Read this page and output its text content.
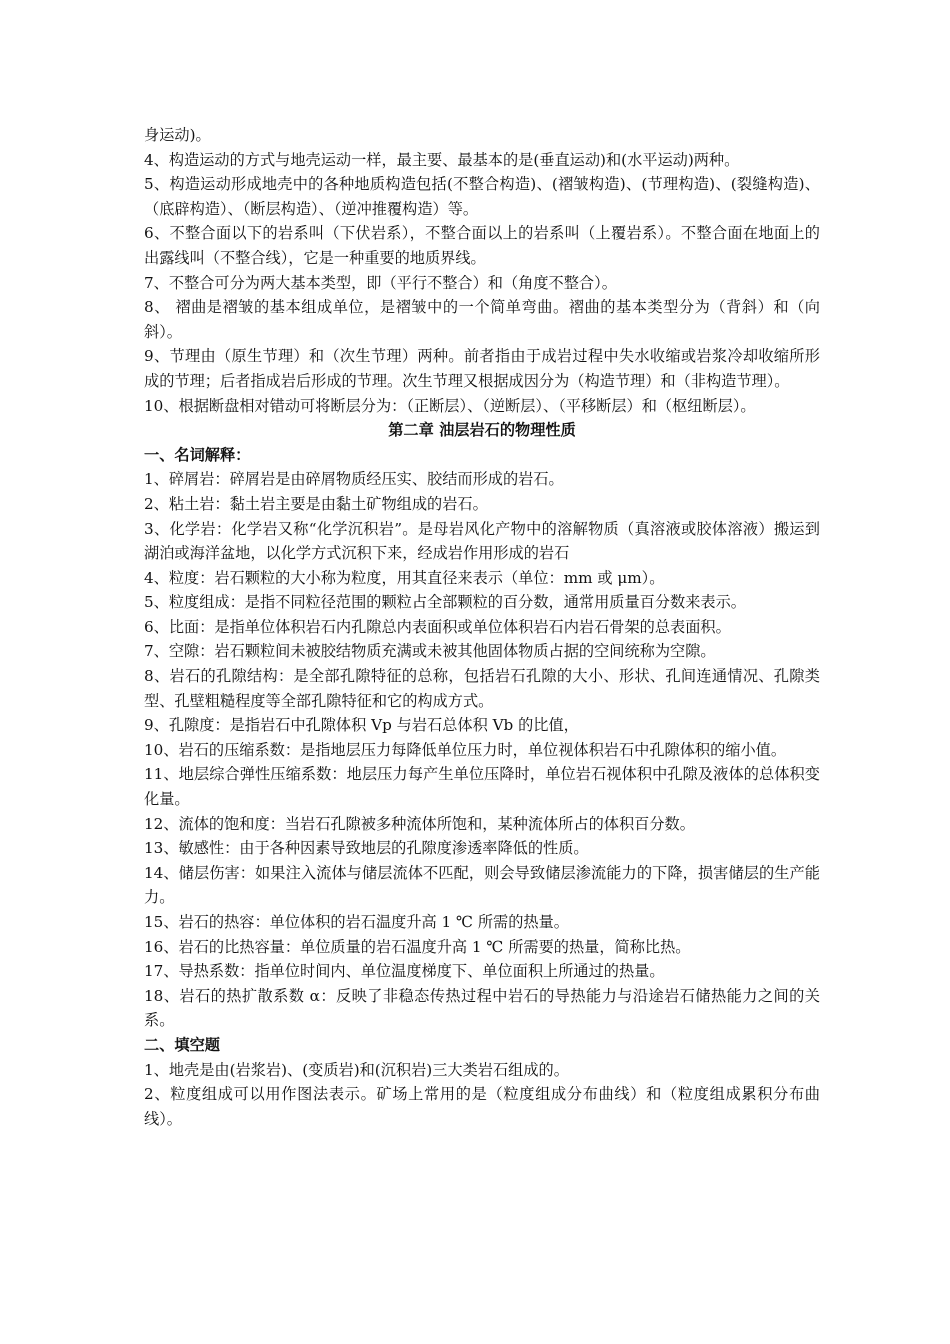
身运动)。

4、构造运动的方式与地壳运动一样，最主要、最基本的是(垂直运动)和(水平运动)两种。

5、构造运动形成地壳中的各种地质构造包括(不整合构造)、(褶皱构造)、(节理构造)、(裂缝构造)、（底辟构造）、（断层构造）、（逆冲推覆构造）等。

6、不整合面以下的岩系叫（下伏岩系），不整合面以上的岩系叫（上覆岩系）。不整合面在地面上的出露线叫（不整合线），它是一种重要的地质界线。

7、不整合可分为两大基本类型，即（平行不整合）和（角度不整合）。

8、 褶曲是褶皱的基本组成单位，是褶皱中的一个简单弯曲。褶曲的基本类型分为（背斜）和（向斜）。

9、节理由（原生节理）和（次生节理）两种。前者指由于成岩过程中失水收缩或岩浆冷却收缩所形成的节理；后者指成岩后形成的节理。次生节理又根据成因分为（构造节理）和（非构造节理）。

10、根据断盘相对错动可将断层分为：（正断层）、（逆断层）、（平移断层）和（枢纽断层）。

第二章 油层岩石的物理性质
一、名词解释：

1、碎屑岩：碎屑岩是由碎屑物质经压实、胶结而形成的岩石。

2、粘土岩：黏土岩主要是由黏土矿物组成的岩石。

3、化学岩：化学岩又称“化学沉积岩”。是母岩风化产物中的溶解物质（真溶液或胶体溶液）搬运到湖泊或海洋盆地，以化学方式沉积下来，经成岩作用形成的岩石

4、粒度：岩石颗粒的大小称为粒度，用其直径来表示（单位：mm 或 μm）。

5、粒度组成：是指不同粒径范围的颗粒占全部颗粒的百分数，通常用质量百分数来表示。

6、比面：是指单位体积岩石内孔隙总内表面积或单位体积岩石内岩石骨架的总表面积。

7、空隙：岩石颗粒间未被胶结物质充满或未被其他固体物质占据的空间统称为空隙。

8、岩石的孔隙结构：是全部孔隙特征的总称，包括岩石孔隙的大小、形状、孔间连通情况、孔隙类型、孔壁粗糙程度等全部孔隙特征和它的构成方式。

9、孔隙度：是指岩石中孔隙体积 Vp 与岩石总体积 Vb 的比值，

10、岩石的压缩系数：是指地层压力每降低单位压力时，单位视体积岩石中孔隙体积的缩小值。

11、地层综合弹性压缩系数：地层压力每产生单位压降时，单位岩石视体积中孔隙及液体的总体积变化量。

12、流体的饱和度：当岩石孔隙被多种流体所饱和，某种流体所占的体积百分数。

13、敏感性：由于各种因素导致地层的孔隙度渗透率降低的性质。

14、储层伤害：如果注入流体与储层流体不匹配，则会导致储层渗流能力的下降，损害储层的生产能力。

15、岩石的热容：单位体积的岩石温度升高 1 ℃ 所需的热量。

16、岩石的比热容量：单位质量的岩石温度升高 1 ℃ 所需要的热量，简称比热。

17、导热系数：指单位时间内、单位温度梯度下、单位面积上所通过的热量。

18、岩石的热扩散系数 α：反映了非稳态传热过程中岩石的导热能力与沿途岩石储热能力之间的关系。

二、填空题

1、地壳是由(岩浆岩)、(变质岩)和(沉积岩)三大类岩石组成的。

2、粒度组成可以用作图法表示。矿场上常用的是（粒度组成分布曲线）和（粒度组成累积分布曲线）。
